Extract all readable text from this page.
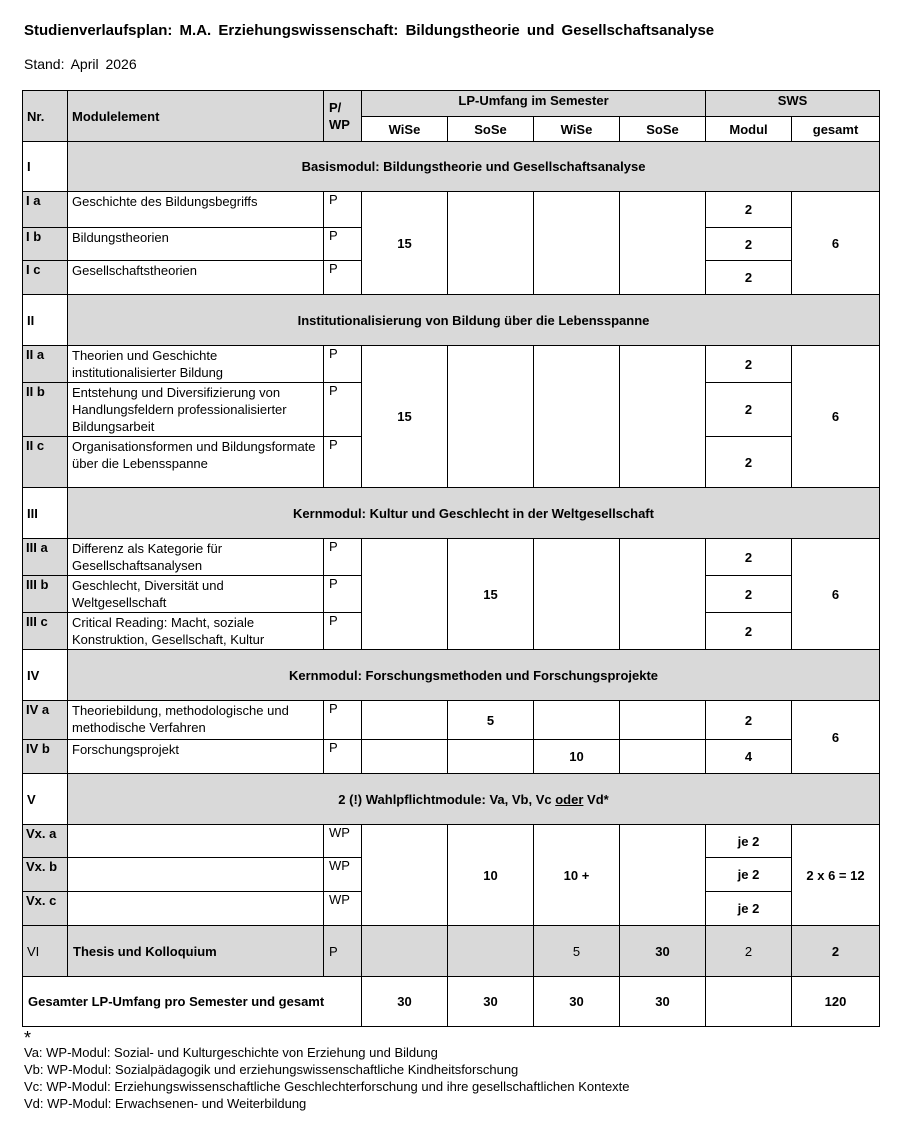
Studienverlaufsplan: M.A. Erziehungswissenschaft: Bildungstheorie und Gesellschaftsanalyse
Stand: April 2026
Nr.	Modulelement	P/ WP	LP-Umfang im Semester				SWS	
			WiSe	SoSe	WiSe	SoSe	Modul	gesamt
I	Basismodul: Bildungstheorie und Gesellschaftsanalyse							
I a	Geschichte des Bildungsbegriffs	P	15				2	6
I b	Bildungstheorien	P					2	
I c	Gesellschaftstheorien	P					2	
II	Institutionalisierung von Bildung über die Lebensspanne							
II a	Theorien und Geschichte institutionalisierter Bildung	P	15				2	6
II b	Entstehung und Diversifizierung von Handlungsfeldern professionalisierter Bildungsarbeit	P					2	
II c	Organisationsformen und Bildungsformate über die Lebensspanne	P					2	
III	Kernmodul: Kultur und Geschlecht in der Weltgesellschaft							
III a	Differenz als Kategorie für Gesellschaftsanalysen	P		15			2	6
III b	Geschlecht, Diversität und Weltgesellschaft	P					2	
III c	Critical Reading: Macht, soziale Konstruktion, Gesellschaft, Kultur	P					2	
IV	Kernmodul: Forschungsmethoden und Forschungsprojekte							
IV a	Theoriebildung, methodologische und methodische Verfahren	P		5			2	6
IV b	Forschungsprojekt	P			10		4	
V	2 (!) Wahlpflichtmodule: Va, Vb, Vc oder Vd*							
Vx. a		WP		10	10 +		je 2	2 x 6 = 12
Vx. b		WP					je 2	
Vx. c		WP					je 2	
VI	Thesis und Kolloquium	P			5	30	2	2
Gesamter LP-Umfang pro Semester und gesamt			30	30	30	30		120
*
Va: WP-Modul: Sozial- und Kulturgeschichte von Erziehung und Bildung
Vb: WP-Modul: Sozialpädagogik und erziehungswissenschaftliche Kindheitsforschung
Vc: WP-Modul: Erziehungswissenschaftliche Geschlechterforschung und ihre gesellschaftlichen Kontexte
Vd: WP-Modul: Erwachsenen- und Weiterbildung
